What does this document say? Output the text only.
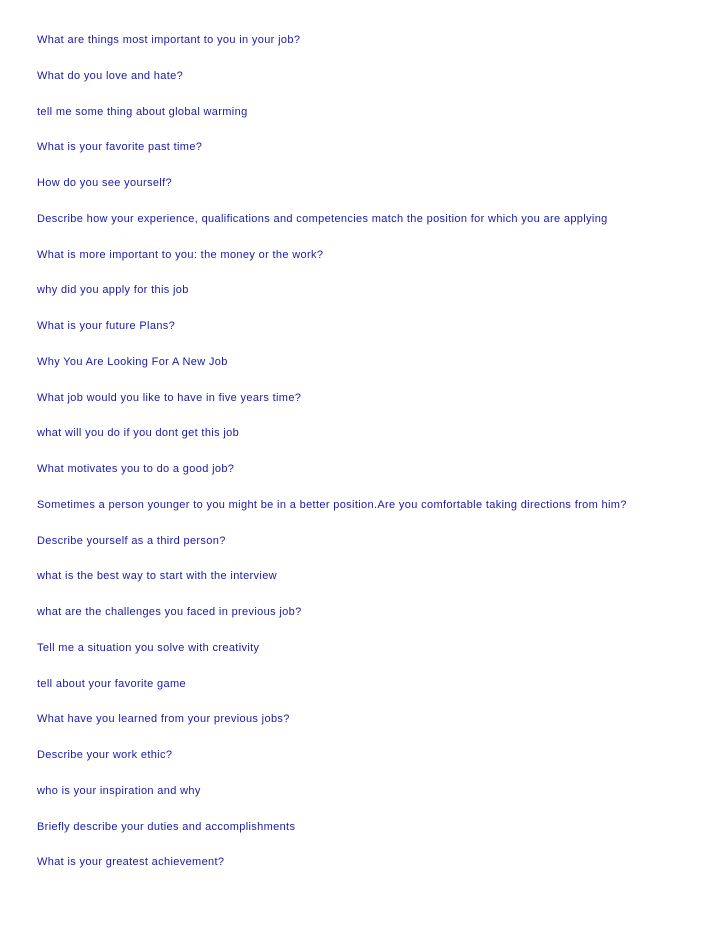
What are things most important to you in your job?
What do you love and hate?
tell me some thing about global warming
What is your favorite past time?
How do you see yourself?
Describe how your experience, qualifications and competencies match the position for which you are applying
What is more important to you: the money or the work?
why did you apply for this job
What is your future Plans?
Why You Are Looking For A New Job
What job would you like to have in five years time?
what will you do if you dont get this job
What motivates you to do a good job?
Sometimes a person younger to you might be in a better position.Are you comfortable taking directions from him?
Describe yourself as a third person?
what is the best way to start with the interview
what are the challenges you faced in previous job?
Tell me a situation you solve with creativity
tell about your favorite game
What have you learned from your previous jobs?
Describe your work ethic?
who is your inspiration and why
Briefly describe your duties and accomplishments
What is your greatest achievement?
